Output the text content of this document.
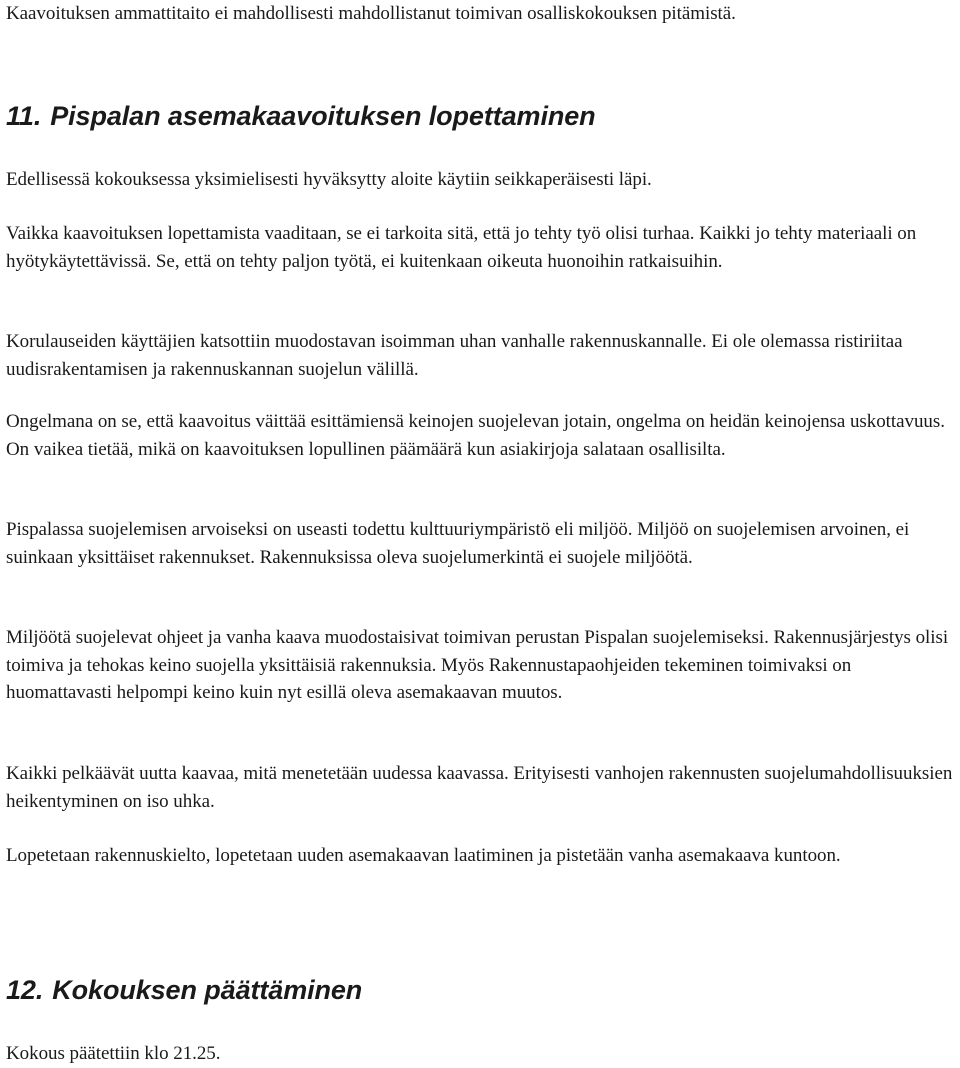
Kaavoituksen ammattitaito ei mahdollisesti mahdollistanut toimivan osalliskokouksen pitämistä.

11. Pispalan asemakaavoituksen lopettaminen

Edellisessä kokouksessa yksimielisesti hyväksytty aloite käytiin seikkaperäisesti läpi.

Vaikka kaavoituksen lopettamista vaaditaan, se ei tarkoita sitä, että jo tehty työ olisi turhaa. Kaikki jo tehty materiaali on hyötykäytettävissä. Se, että on tehty paljon työtä, ei kuitenkaan oikeuta huonoihin ratkaisuihin.

Korulauseiden käyttäjien katsottiin muodostavan isoimman uhan vanhalle rakennuskannalle. Ei ole olemassa ristiriitaa uudisrakentamisen ja rakennuskannan suojelun välillä.

Ongelmana on se, että kaavoitus väittää esittämiensä keinojen suojelevan jotain, ongelma on heidän keinojensa uskottavuus. On vaikea tietää, mikä on kaavoituksen lopullinen päämäärä kun asiakirjoja salataan osallisilta.

Pispalassa suojelemisen arvoiseksi on useasti todettu kulttuuriympäristö eli miljöö. Miljöö on suojelemisen arvoinen, ei suinkaan yksittäiset rakennukset. Rakennuksissa oleva suojelumerkintä ei suojele miljöötä.

Miljöötä suojelevat ohjeet ja vanha kaava muodostaisivat toimivan perustan Pispalan suojelemiseksi. Rakennusjärjestys olisi toimiva ja tehokas keino suojella yksittäisiä rakennuksia. Myös Rakennustapaohjeiden tekeminen toimivaksi on huomattavasti helpompi keino kuin nyt esillä oleva asemakaavan muutos.

Kaikki pelkäävät uutta kaavaa, mitä menetetään uudessa kaavassa. Erityisesti vanhojen rakennusten suojelumahdollisuuksien heikentyminen on iso uhka.

Lopetetaan rakennuskielto, lopetetaan uuden asemakaavan laatiminen ja pistetään vanha asemakaava kuntoon.

12. Kokouksen päättäminen

Kokous päätettiin klo 21.25.
